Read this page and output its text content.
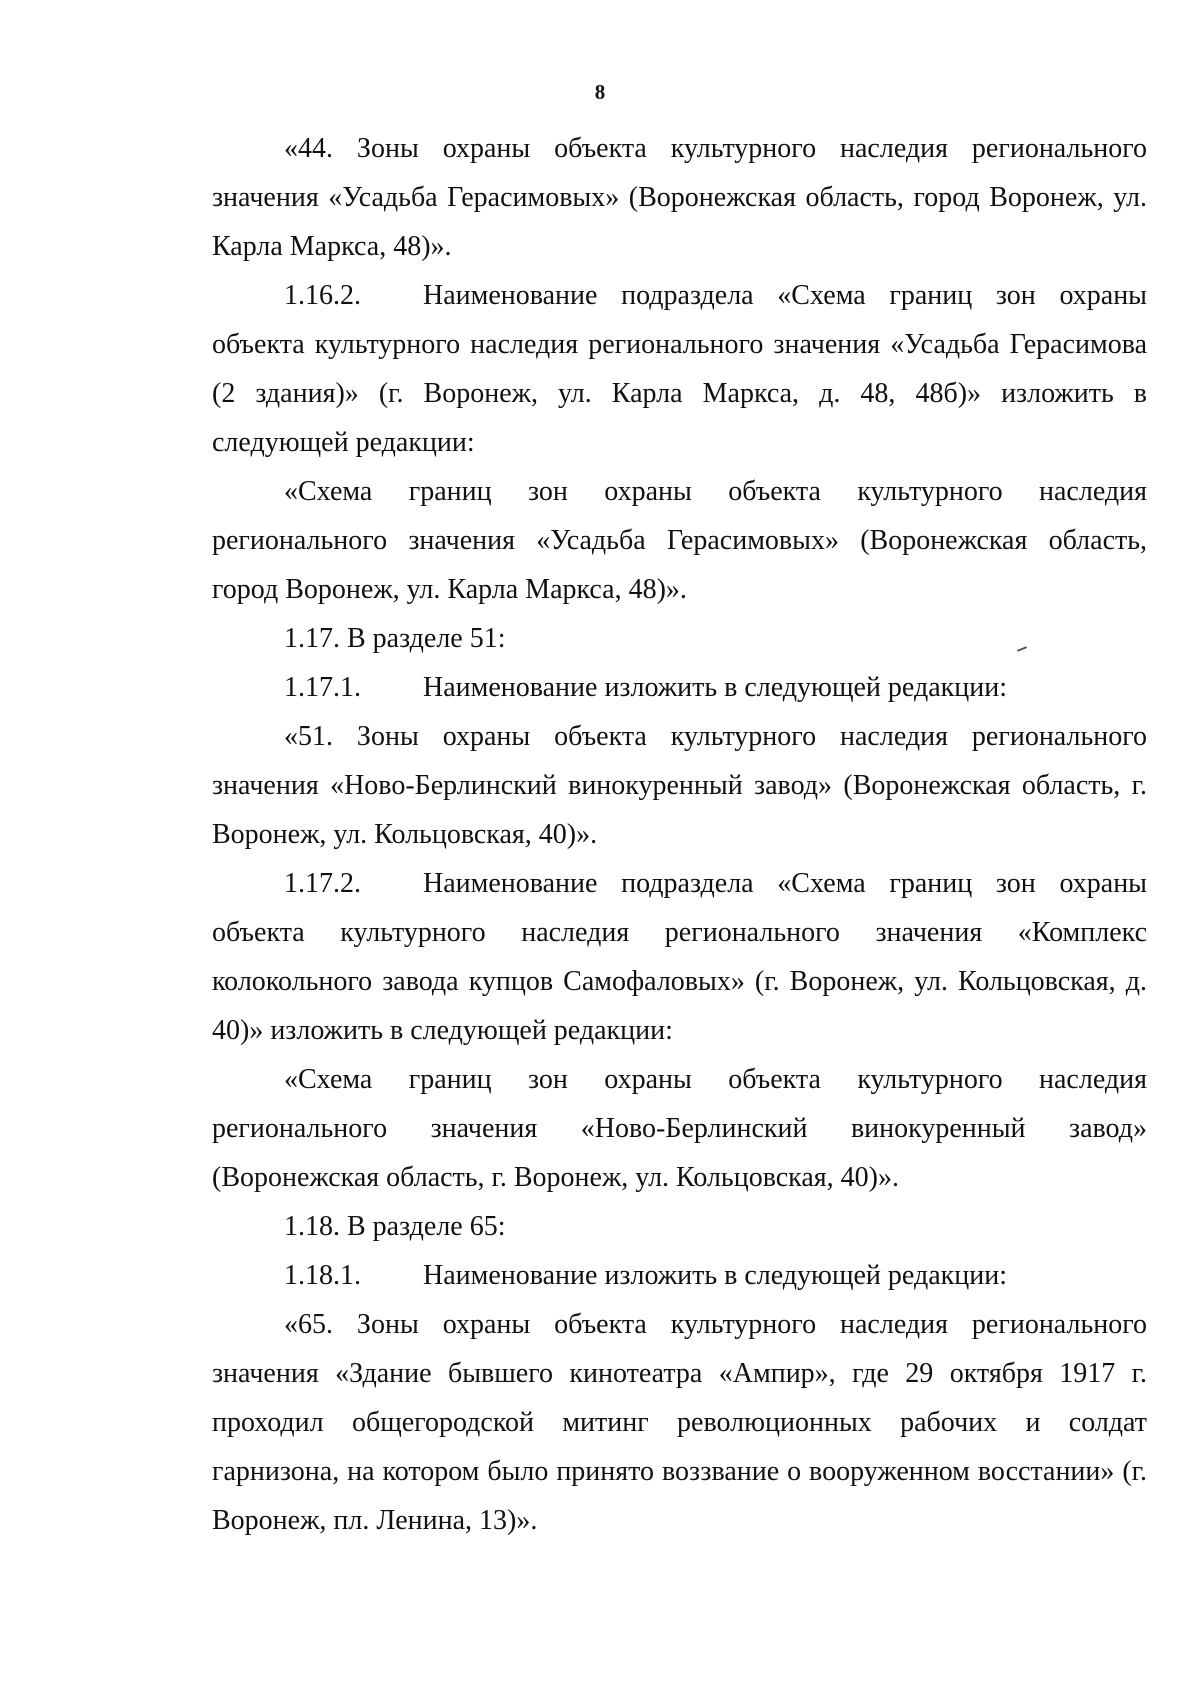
8

«44. Зоны охраны объекта культурного наследия регионального значения «Усадьба Герасимовых» (Воронежская область, город Воронеж, ул. Карла Маркса, 48)».

1.16.2. Наименование подраздела «Схема границ зон охраны объекта культурного наследия регионального значения «Усадьба Герасимова (2 здания)» (г. Воронеж, ул. Карла Маркса, д. 48, 48б)» изложить в следующей редакции:

«Схема границ зон охраны объекта культурного наследия регионального значения «Усадьба Герасимовых» (Воронежская область, город Воронеж, ул. Карла Маркса, 48)».

1.17. В разделе 51:

1.17.1. Наименование изложить в следующей редакции:

«51. Зоны охраны объекта культурного наследия регионального значения «Ново-Берлинский винокуренный завод» (Воронежская область, г. Воронеж, ул. Кольцовская, 40)».

1.17.2. Наименование подраздела «Схема границ зон охраны объекта культурного наследия регионального значения «Комплекс колокольного завода купцов Самофаловых» (г. Воронеж, ул. Кольцовская, д. 40)» изложить в следующей редакции:

«Схема границ зон охраны объекта культурного наследия регионального значения «Ново-Берлинский винокуренный завод» (Воронежская область, г. Воронеж, ул. Кольцовская, 40)».

1.18. В разделе 65:

1.18.1. Наименование изложить в следующей редакции:

«65. Зоны охраны объекта культурного наследия регионального значения «Здание бывшего кинотеатра «Ампир», где 29 октября 1917 г. проходил общегородской митинг революционных рабочих и солдат гарнизона, на котором было принято воззвание о вооруженном восстании» (г. Воронеж, пл. Ленина, 13)».
